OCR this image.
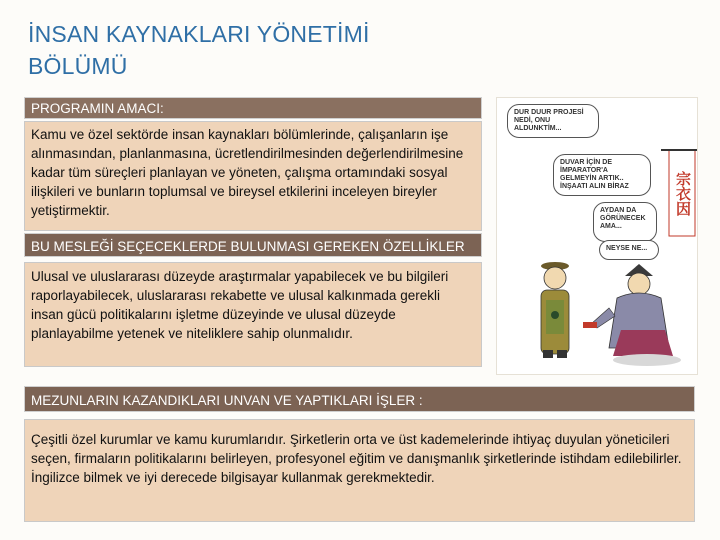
İNSAN KAYNAKLARI YÖNETİMİ BÖLÜMÜ
PROGRAMIN AMACI:
Kamu ve özel sektörde insan kaynakları bölümlerinde, çalışanların işe alınmasından, planlanmasına, ücretlendirilmesinden değerlendirilmesine kadar tüm süreçleri planlayan ve yöneten, çalışma ortamındaki sosyal ilişkileri ve bunların toplumsal ve bireysel etkilerini inceleyen bireyler yetiştirmektir.
BU MESLEĞİ SEÇECEKLERDE BULUNMASI GEREKEN ÖZELLİKLER
Ulusal ve uluslararası düzeyde araştırmalar yapabilecek ve bu bilgileri raporlayabilecek, uluslararası rekabette ve ulusal kalkınmada gerekli insan gücü politikalarını işletme düzeyinde ve ulusal düzeyde planlayabilme yetenek ve niteliklere sahip olunmalıdır.
MEZUNLARIN KAZANDIKLARI UNVAN VE YAPTIKLARI İŞLER :
Çeşitli özel kurumlar ve kamu kurumlarıdır. Şirketlerin orta ve üst kademelerinde ihtiyaç duyulan yöneticileri seçen, firmaların politikalarını belirleyen, profesyonel eğitim ve danışmanlık şirketlerinde istihdam edilebilirler. İngilizce bilmek ve iyi derecede bilgisayar kullanmak gerekmektedir.
DUR DUUR PROJESİ NEDİ, ONU ALDUNKTİM...
DUVAR İÇİN DE İMPARATOR'A GELMEYİN ARTIK.. İNŞAATI ALIN BİRAZ
AYDAN DA GÖRÜNECEK AMA...
NEYSE NE...
宗衣因
